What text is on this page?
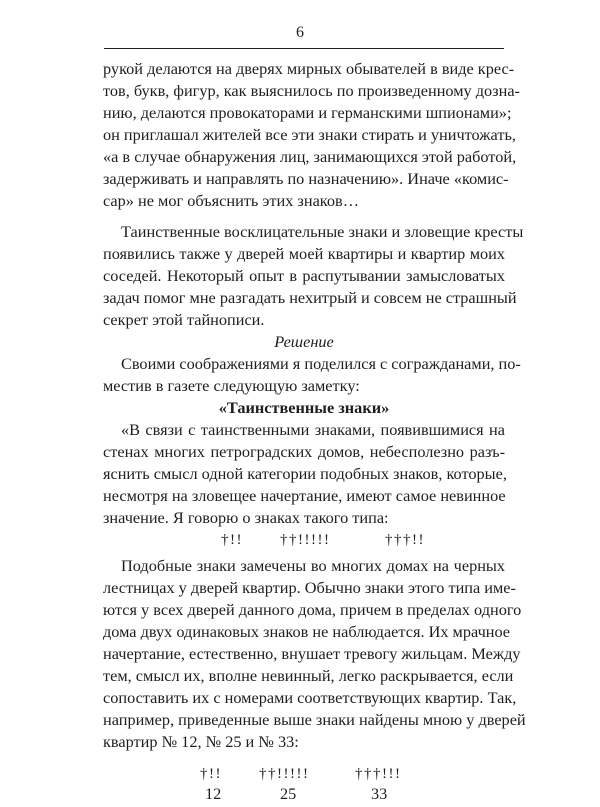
6
рукой делаются на дверях мирных обывателей в виде крес-
тов, букв, фигур, как выяснилось по произведенному дозна-
нию, делаются провокаторами и германскими шпионами»;
он приглашал жителей все эти знаки стирать и уничтожать,
«а в случае обнаружения лиц, занимающихся этой работой,
задерживать и направлять по назначению». Иначе «комис-
сар» не мог объяснить этих знаков…
Таинственные восклицательные знаки и зловещие кресты
появились также у дверей моей квартиры и квартир моих
соседей. Некоторый опыт в распутывании замысловатых
задач помог мне разгадать нехитрый и совсем не страшный
секрет этой тайнописи.
Решение
Своими соображениями я поделился с согражданами, по-
местив в газете следующую заметку:
«Таинственные знаки»
«В связи с таинственными знаками, появившимися на
стенах многих петроградских домов, небесполезно разъ-
яснить смысл одной категории подобных знаков, которые,
несмотря на зловещее начертание, имеют самое невинное
значение. Я говорю о знаках такого типа:
†!! ††!!!!!	†††!!
Подобные знаки замечены во многих домах на черных
лестницах у дверей квартир. Обычно знаки этого типа име-
ются у всех дверей данного дома, причем в пределах одного
дома двух одинаковых знаков не наблюдается. Их мрачное
начертание, естественно, внушает тревогу жильцам. Между
тем, смысл их, вполне невинный, легко раскрывается, если
сопоставить их с номерами соответствующих квартир. Так,
например, приведенные выше знаки найдены мною у дверей
квартир № 12, № 25 и № 33:
†!! ††!!!!!	†††!!!
12	25	33
